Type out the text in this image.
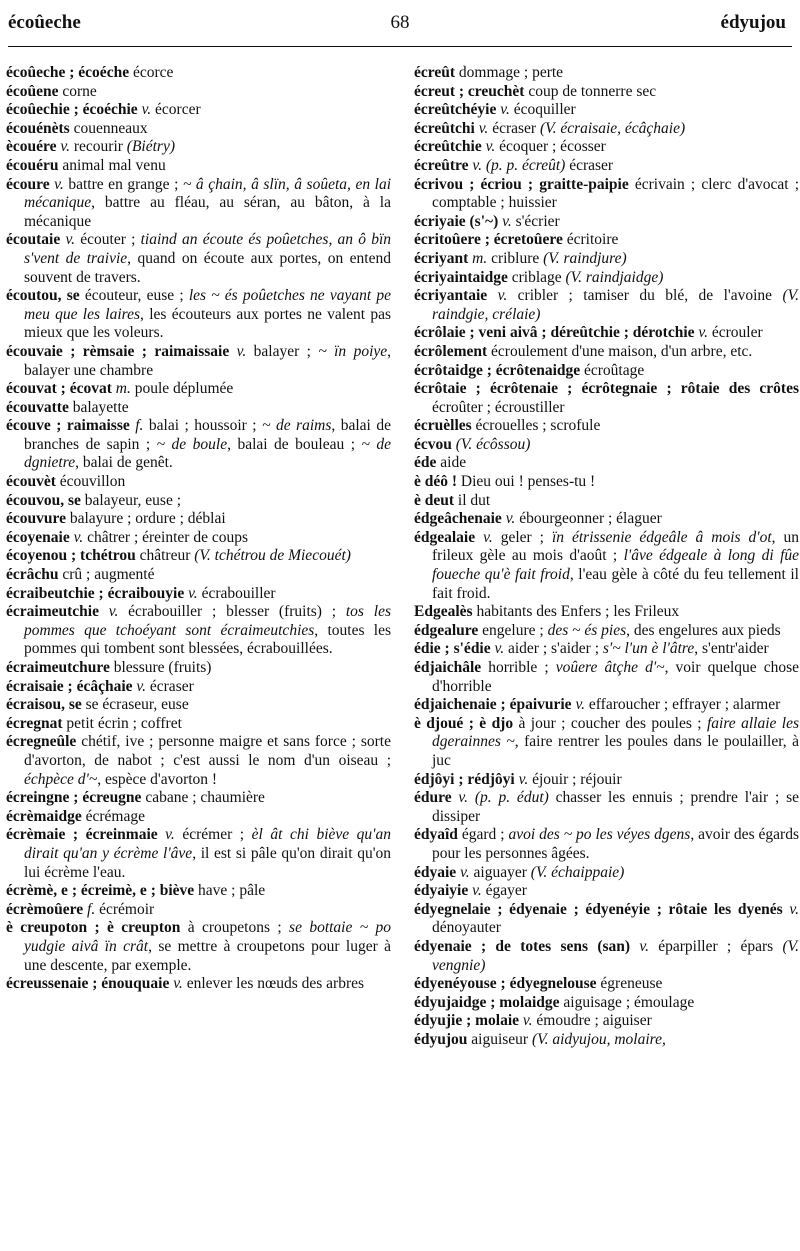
écoûeche	68	édyujou

écoûeche ; écoéche écorce

écoûene corne

écoûechie ; écoéchie v. écorcer

écouénèts couenneaux

ècouére v. recourir (Biétry)

écouéru animal mal venu

écoure v. battre en grange ; ~ â çhain, â slïn, â soûeta, en lai mécanique, battre au fléau, au séran, au bâton, à la mécanique

écoutaie v. écouter ; tiaind an écoute és poûetches, an ô bïn s'vent de traivie, quand on écoute aux portes, on entend souvent de travers.

écoutou, se écouteur, euse ; les ~ és poûetches ne vayant pe meu que les laires, les écouteurs aux portes ne valent pas mieux que les voleurs.

écouvaie ; rèmsaie ; raimaissaie v. balayer ; ~ ïn poiye, balayer une chambre

écouvat ; écovat m. poule déplumée

écouvatte balayette

écouve ; raimaisse f. balai ; houssoir ; ~ de raims, balai de branches de sapin ; ~ de boule, balai de bouleau ; ~ de dgnietre, balai de genêt.

écouvèt écouvillon

écouvou, se balayeur, euse ;

écouvure balayure ; ordure ; déblai

écoyenaie v. châtrer ; éreinter de coups

écoyenou ; tchétrou châtreur (V. tchétrou de Miecouét)

écrâchu crû ; augmenté

écraibeutchie ; écraibouyie v. écrabouiller

écraimeutchie v. écrabouiller ; blesser (fruits) ; tos les pommes que tchoéyant sont écraimeutchies, toutes les pommes qui tombent sont blessées, écrabouillées.

écraimeutchure blessure (fruits)

écraisaie ; écâçhaie v. écraser

écraisou, se se écraseur, euse

écregnat petit écrin ; coffret

écregneûle chétif, ive ; personne maigre et sans force ; sorte d'avorton, de nabot ; c'est aussi le nom d'un oiseau ; échpèce d'~, espèce d'avorton !

écreingne ; écreugne cabane ; chaumière

écrèmaidge écrémage

écrèmaie ; écreinmaie v. écrémer ; èl ât chi biève qu'an dirait qu'an y écrème l'âve, il est si pâle qu'on dirait qu'on lui écrème l'eau.

écrèmè, e ; écreimè, e ; biève have ; pâle

écrèmoûere f. écrémoir

è creupoton ; è creupton à croupetons ; se bottaie ~ po yudgie aivâ ïn crât, se mettre à croupetons pour luger à une descente, par exemple.

écreussenaie ; énouquaie v. enlever les nœuds des arbres

écreût dommage ; perte

écreut ; creuchèt coup de tonnerre sec

écreûtchéyie v. écoquiller

écreûtchi v. écraser (V. écraisaie, écâçhaie)

écreûtchie v. écoquer ; écosser

écreûtre v. (p. p. écreût) écraser

écrivou ; écriou ; graitte-paipie écrivain ; clerc d'avocat ; comptable ; huissier

écriyaie (s'~) v. s'écrier

écritoûere ; écretoûere écritoire

écriyant m. criblure (V. raindjure)

écriyaintaidge criblage (V. raindjaidge)

écriyantaie v. cribler ; tamiser du blé, de l'avoine (V. raindgie, crélaie)

écrôlaie ; veni aivâ ; déreûtchie ; dérotchie v. écrouler

écrôlement écroulement d'une maison, d'un arbre, etc.

écrôtaidge ; écrôtenaidge écroûtage

écrôtaie ; écrôtenaie ; écrôtegnaie ; rôtaie des crôtes écroûter ; écroustiller

écruèlles écrouelles ; scrofule

écvou (V. écôssou)

éde aide

è déô ! Dieu oui ! penses-tu !

è deut il dut

édgeâchenaie v. ébourgeonner ; élaguer

édgealaie v. geler ; ïn étrissenie édgeâle â mois d'ot, un frileux gèle au mois d'août ; l'âve édgeale à long di fûe foueche qu'è fait froid, l'eau gèle à côté du feu tellement il fait froid.

Edgealès habitants des Enfers ; les Frileux

édgealure engelure ; des ~ és pies, des engelures aux pieds

édie ; s'édie v. aider ; s'aider ; s'~ l'un è l'âtre, s'entr'aider

édjaichâle horrible ; voûere âtçhe d'~, voir quelque chose d'horrible

édjaichenaie ; épaivurie v. effaroucher ; effrayer ; alarmer

è djoué ; è djo à jour ; coucher des poules ; faire allaie les dgerainnes ~, faire rentrer les poules dans le poulailler, à juc

édjôyi ; rédjôyi v. éjouir ; réjouir

édure v. (p. p. édut) chasser les ennuis ; prendre l'air ; se dissiper

édyaîd égard ; avoi des ~ po les véyes dgens, avoir des égards pour les personnes âgées.

édyaie v. aiguayer (V. échaippaie)

édyaiyie v. égayer

édyegnelaie ; édyenaie ; édyenéyie ; rôtaie les dyenés v. dénoyauter

édyenaie ; de totes sens (san) v. éparpiller ; épars (V. vengnie)

édyenéyouse ; édyegnelouse égreneuse

édyujaidge ; molaidge aiguisage ; émoulage

édyujie ; molaie v. émoudre ; aiguiser

édyujou aiguiseur (V. aidyujou, molaire,
